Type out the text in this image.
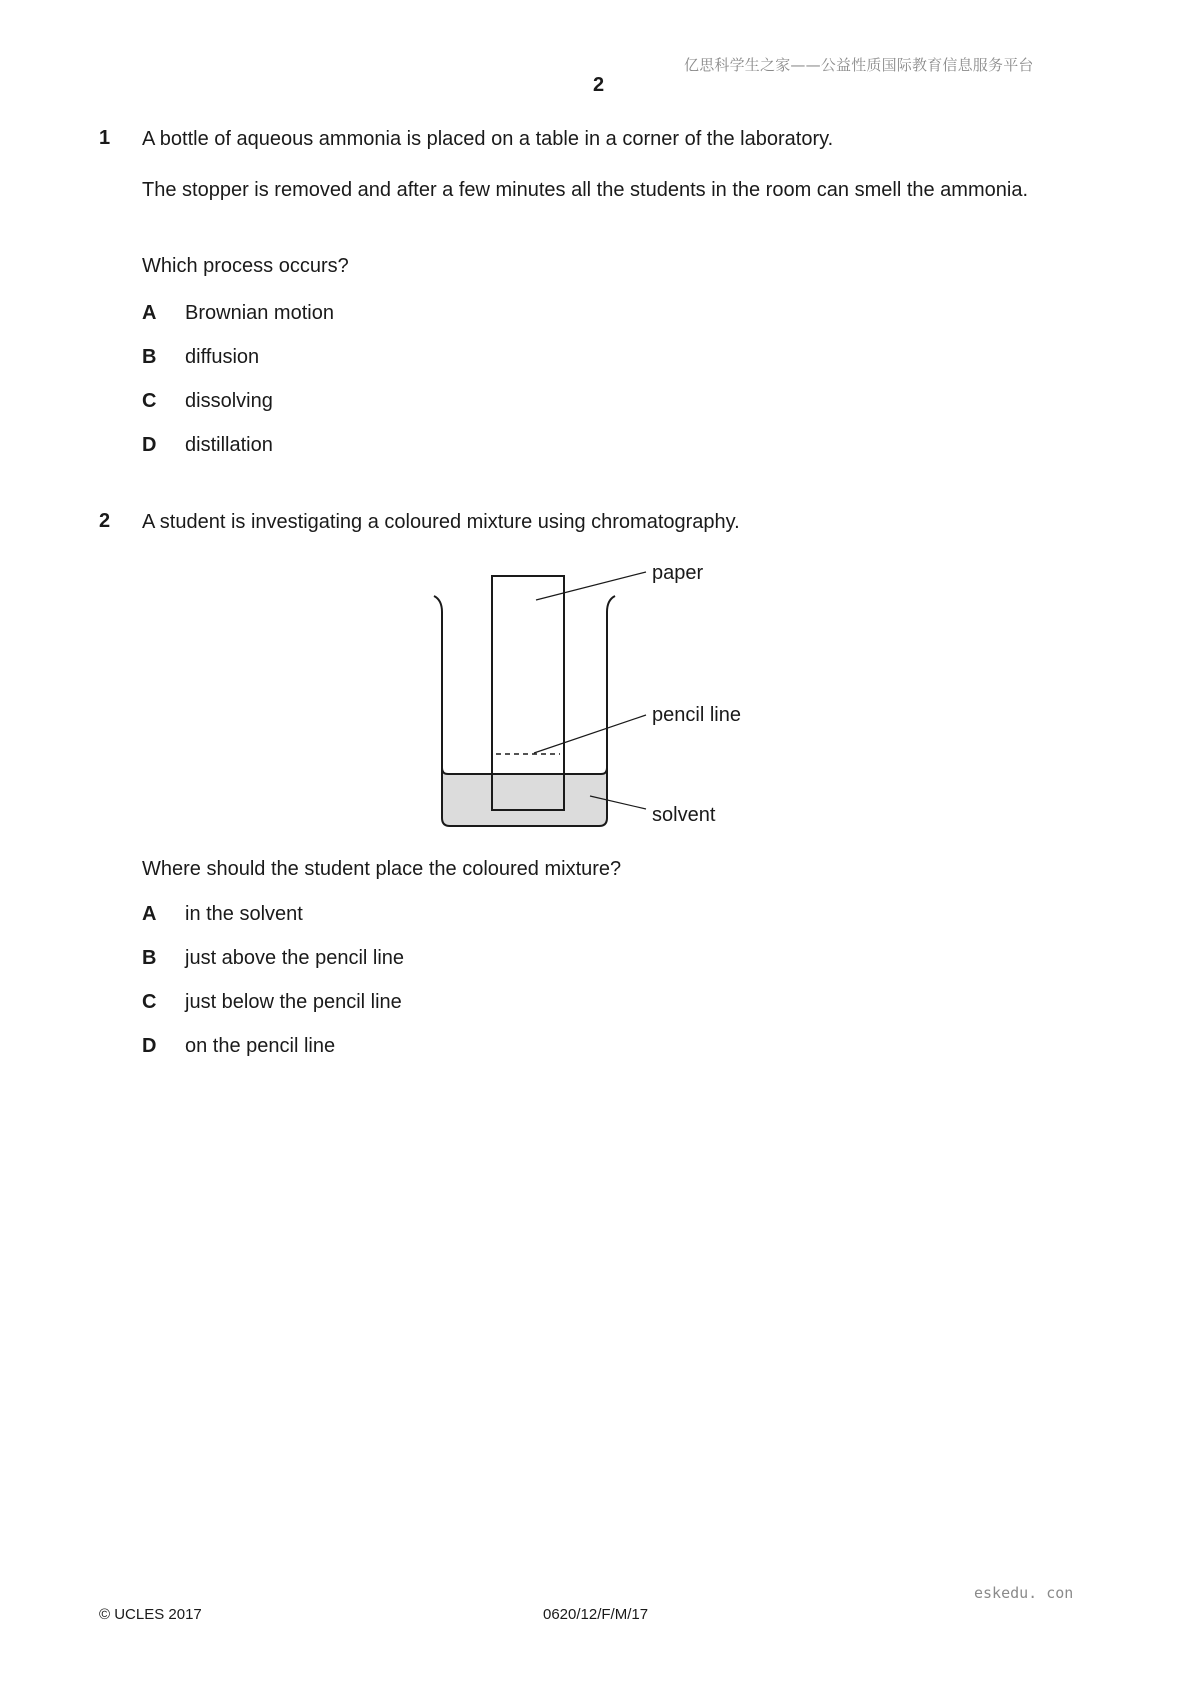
亿思科学生之家——公益性质国际教育信息服务平台
2
1 A bottle of aqueous ammonia is placed on a table in a corner of the laboratory.
The stopper is removed and after a few minutes all the students in the room can smell the ammonia.
Which process occurs?
A Brownian motion
B diffusion
C dissolving
D distillation
2 A student is investigating a coloured mixture using chromatography.
paper
pencil line
solvent
Where should the student place the coloured mixture?
A in the solvent
B just above the pencil line
C just below the pencil line
D on the pencil line
eskedu. con
© UCLES 2017	0620/12/F/M/17
